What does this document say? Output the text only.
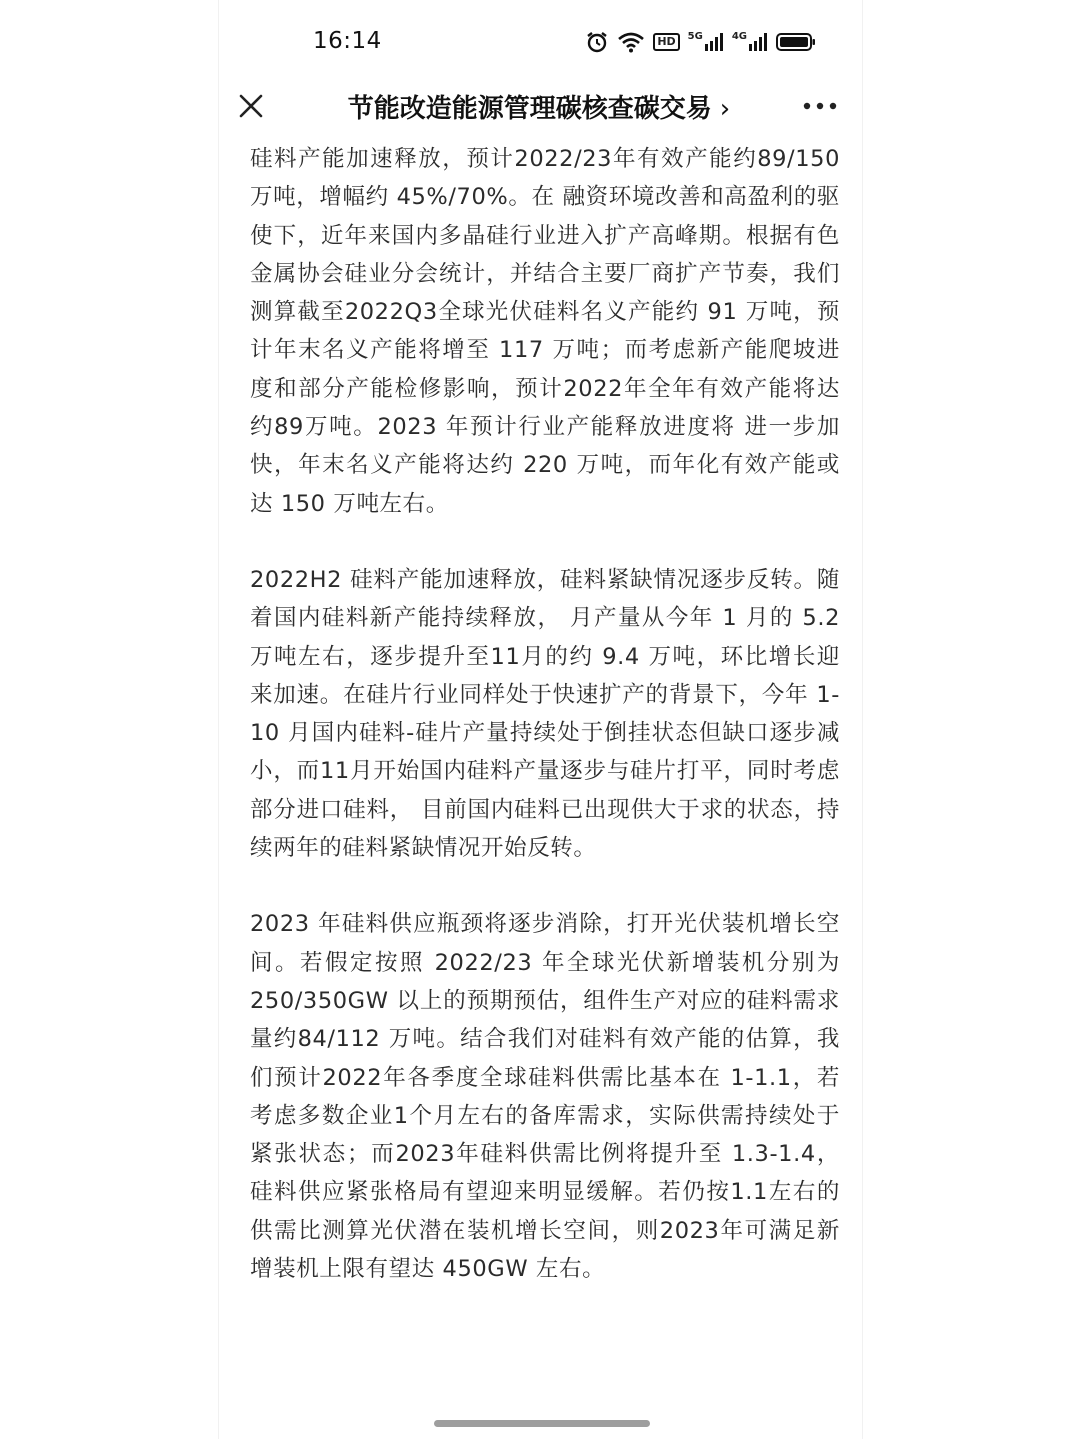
16:14	HD	5G	4G
节能改造能源管理碳核查碳交易 ›

硅料产能加速释放，预计2022/23年有效产能约89/150 万吨，增幅约 45%/70%。在 融资环境改善和高盈利的驱使下，近年来国内多晶硅行业进入扩产高峰期。根据有色金属协会硅业分会统计，并结合主要厂商扩产节奏，我们测算截至2022Q3全球光伏硅料名义产能约 91 万吨，预计年末名义产能将增至 117 万吨；而考虑新产能爬坡进度和部分产能检修影响，预计2022年全年有效产能将达约89万吨。2023 年预计行业产能释放进度将 进一步加快，年末名义产能将达约 220 万吨，而年化有效产能或达 150 万吨左右。

2022H2 硅料产能加速释放，硅料紧缺情况逐步反转。随着国内硅料新产能持续释放， 月产量从今年 1 月的 5.2 万吨左右，逐步提升至11月的约 9.4 万吨，环比增长迎来加速。在硅片行业同样处于快速扩产的背景下，今年 1-10 月国内硅料-硅片产量持续处于倒挂状态但缺口逐步减小，而11月开始国内硅料产量逐步与硅片打平，同时考虑部分进口硅料， 目前国内硅料已出现供大于求的状态，持续两年的硅料紧缺情况开始反转。

2023 年硅料供应瓶颈将逐步消除，打开光伏装机增长空间。若假定按照 2022/23 年全球光伏新增装机分别为 250/350GW 以上的预期预估，组件生产对应的硅料需求量约84/112 万吨。结合我们对硅料有效产能的估算，我们预计2022年各季度全球硅料供需比基本在 1-1.1，若考虑多数企业1个月左右的备库需求，实际供需持续处于紧张状态；而2023年硅料供需比例将提升至 1.3-1.4，硅料供应紧张格局有望迎来明显缓解。若仍按1.1左右的供需比测算光伏潜在装机增长空间，则2023年可满足新增装机上限有望达 450GW 左右。
